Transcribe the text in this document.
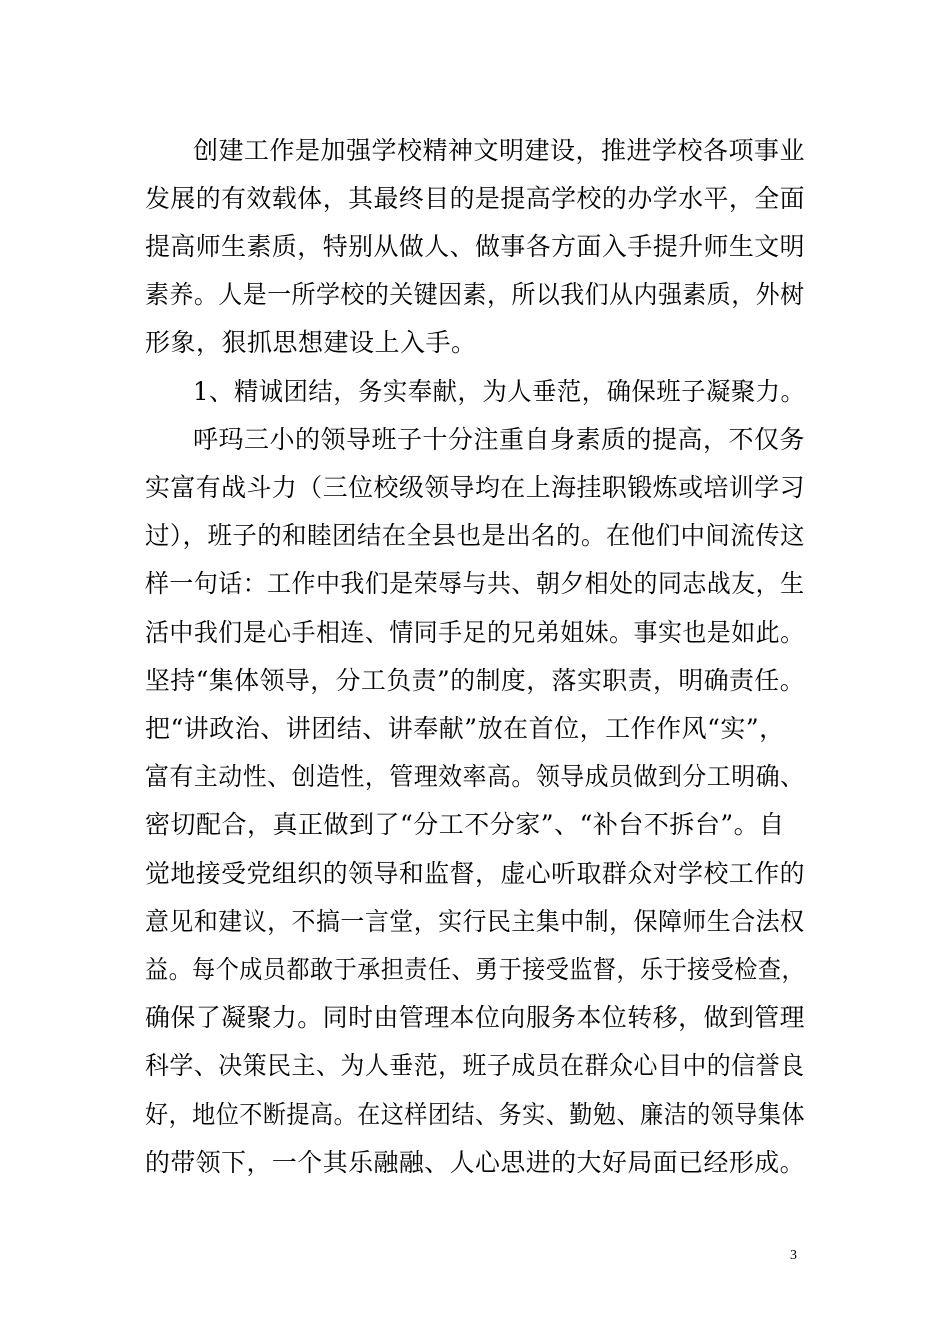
创建工作是加强学校精神文明建设，推进学校各项事业
发展的有效载体，其最终目的是提高学校的办学水平，全面
提高师生素质，特别从做人、做事各方面入手提升师生文明
素养。人是一所学校的关键因素，所以我们从内强素质，外树
形象，狠抓思想建设上入手。
1、精诚团结，务实奉献，为人垂范，确保班子凝聚力。
呼玛三小的领导班子十分注重自身素质的提高，不仅务
实富有战斗力（三位校级领导均在上海挂职锻炼或培训学习
过），班子的和睦团结在全县也是出名的。在他们中间流传这
样一句话：工作中我们是荣辱与共、朝夕相处的同志战友，生
活中我们是心手相连、情同手足的兄弟姐妹。事实也是如此。
坚持“集体领导，分工负责”的制度，落实职责，明确责任。
把“讲政治、讲团结、讲奉献”放在首位，工作作风“实”，
富有主动性、创造性，管理效率高。领导成员做到分工明确、
密切配合，真正做到了“分工不分家”、“补台不拆台”。自
觉地接受党组织的领导和监督，虚心听取群众对学校工作的
意见和建议，不搞一言堂，实行民主集中制，保障师生合法权
益。每个成员都敢于承担责任、勇于接受监督，乐于接受检查，
确保了凝聚力。同时由管理本位向服务本位转移，做到管理
科学、决策民主、为人垂范，班子成员在群众心目中的信誉良
好，地位不断提高。在这样团结、务实、勤勉、廉洁的领导集体
的带领下，一个其乐融融、人心思进的大好局面已经形成。
3
